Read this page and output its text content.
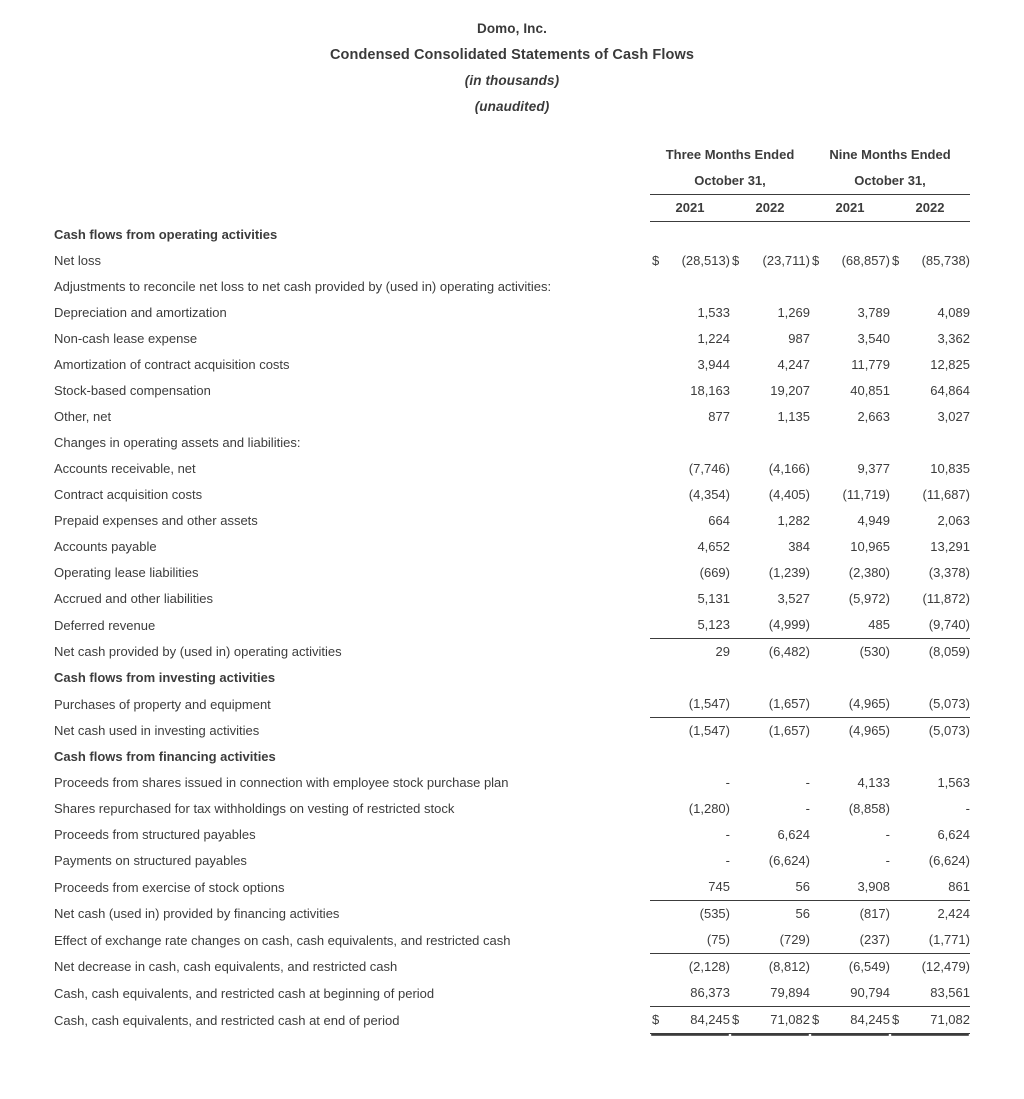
Domo, Inc.
Condensed Consolidated Statements of Cash Flows
(in thousands)
(unaudited)
	Three Months Ended		Nine Months Ended	
	October 31,		October 31,	
	2021	2022	2021	2022
Cash flows from operating activities				
Net loss	$ (28,513)	$ (23,711)	$ (68,857)	$ (85,738)
Adjustments to reconcile net loss to net cash provided by (used in) operating activities:				
Depreciation and amortization	1,533	1,269	3,789	4,089
Non-cash lease expense	1,224	987	3,540	3,362
Amortization of contract acquisition costs	3,944	4,247	11,779	12,825
Stock-based compensation	18,163	19,207	40,851	64,864
Other, net	877	1,135	2,663	3,027
Changes in operating assets and liabilities:				
Accounts receivable, net	(7,746)	(4,166)	9,377	10,835
Contract acquisition costs	(4,354)	(4,405)	(11,719)	(11,687)
Prepaid expenses and other assets	664	1,282	4,949	2,063
Accounts payable	4,652	384	10,965	13,291
Operating lease liabilities	(669)	(1,239)	(2,380)	(3,378)
Accrued and other liabilities	5,131	3,527	(5,972)	(11,872)
Deferred revenue	5,123	(4,999)	485	(9,740)
Net cash provided by (used in) operating activities	29	(6,482)	(530)	(8,059)

Cash flows from investing activities				
Purchases of property and equipment	(1,547)	(1,657)	(4,965)	(5,073)
Net cash used in investing activities	(1,547)	(1,657)	(4,965)	(5,073)

Cash flows from financing activities				
Proceeds from shares issued in connection with employee stock purchase plan	-	-	4,133	1,563
Shares repurchased for tax withholdings on vesting of restricted stock	(1,280)	-	(8,858)	-
Proceeds from structured payables	-	6,624	-	6,624
Payments on structured payables	-	(6,624)	-	(6,624)
Proceeds from exercise of stock options	745	56	3,908	861
Net cash (used in) provided by financing activities	(535)	56	(817)	2,424
Effect of exchange rate changes on cash, cash equivalents, and restricted cash	(75)	(729)	(237)	(1,771)
Net decrease in cash, cash equivalents, and restricted cash	(2,128)	(8,812)	(6,549)	(12,479)
Cash, cash equivalents, and restricted cash at beginning of period	86,373	79,894	90,794	83,561
Cash, cash equivalents, and restricted cash at end of period	$ 84,245	$ 71,082	$ 84,245	$ 71,082
